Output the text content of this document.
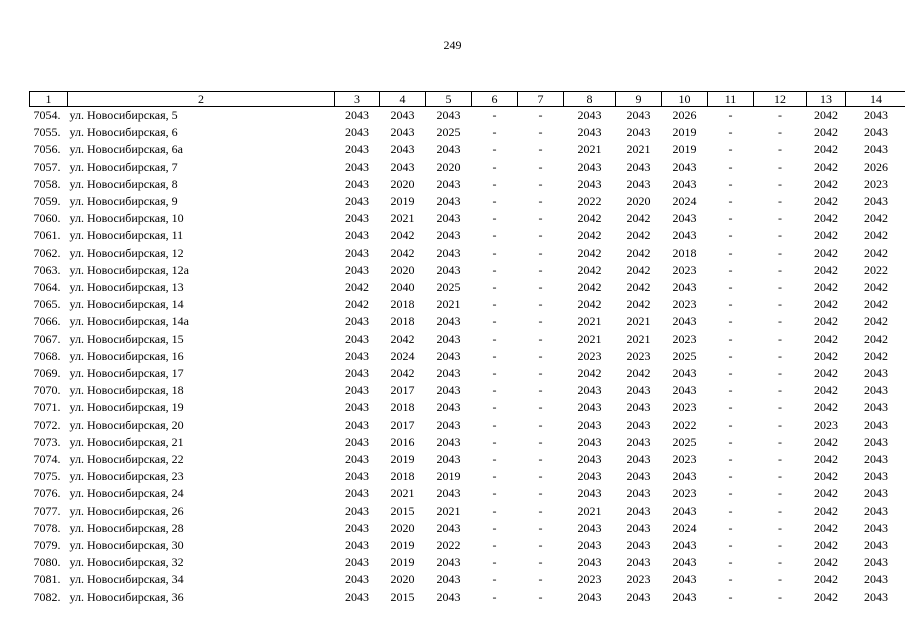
249
1	2	3	4	5	6	7	8	9	10	11	12	13	14
7054.	ул. Новосибирская, 5	2043	2043	2043	-	-	2043	2043	2026	-	-	2042	2043
7055.	ул. Новосибирская, 6	2043	2043	2025	-	-	2043	2043	2019	-	-	2042	2043
7056.	ул. Новосибирская, 6а	2043	2043	2043	-	-	2021	2021	2019	-	-	2042	2043
7057.	ул. Новосибирская, 7	2043	2043	2020	-	-	2043	2043	2043	-	-	2042	2026
7058.	ул. Новосибирская, 8	2043	2020	2043	-	-	2043	2043	2043	-	-	2042	2023
7059.	ул. Новосибирская, 9	2043	2019	2043	-	-	2022	2020	2024	-	-	2042	2043
7060.	ул. Новосибирская, 10	2043	2021	2043	-	-	2042	2042	2043	-	-	2042	2042
7061.	ул. Новосибирская, 11	2043	2042	2043	-	-	2042	2042	2043	-	-	2042	2042
7062.	ул. Новосибирская, 12	2043	2042	2043	-	-	2042	2042	2018	-	-	2042	2042
7063.	ул. Новосибирская, 12а	2043	2020	2043	-	-	2042	2042	2023	-	-	2042	2022
7064.	ул. Новосибирская, 13	2042	2040	2025	-	-	2042	2042	2043	-	-	2042	2042
7065.	ул. Новосибирская, 14	2042	2018	2021	-	-	2042	2042	2023	-	-	2042	2042
7066.	ул. Новосибирская, 14а	2043	2018	2043	-	-	2021	2021	2043	-	-	2042	2042
7067.	ул. Новосибирская, 15	2043	2042	2043	-	-	2021	2021	2023	-	-	2042	2042
7068.	ул. Новосибирская, 16	2043	2024	2043	-	-	2023	2023	2025	-	-	2042	2042
7069.	ул. Новосибирская, 17	2043	2042	2043	-	-	2042	2042	2043	-	-	2042	2043
7070.	ул. Новосибирская, 18	2043	2017	2043	-	-	2043	2043	2043	-	-	2042	2043
7071.	ул. Новосибирская, 19	2043	2018	2043	-	-	2043	2043	2023	-	-	2042	2043
7072.	ул. Новосибирская, 20	2043	2017	2043	-	-	2043	2043	2022	-	-	2023	2043
7073.	ул. Новосибирская, 21	2043	2016	2043	-	-	2043	2043	2025	-	-	2042	2043
7074.	ул. Новосибирская, 22	2043	2019	2043	-	-	2043	2043	2023	-	-	2042	2043
7075.	ул. Новосибирская, 23	2043	2018	2019	-	-	2043	2043	2043	-	-	2042	2043
7076.	ул. Новосибирская, 24	2043	2021	2043	-	-	2043	2043	2023	-	-	2042	2043
7077.	ул. Новосибирская, 26	2043	2015	2021	-	-	2021	2043	2043	-	-	2042	2043
7078.	ул. Новосибирская, 28	2043	2020	2043	-	-	2043	2043	2024	-	-	2042	2043
7079.	ул. Новосибирская, 30	2043	2019	2022	-	-	2043	2043	2043	-	-	2042	2043
7080.	ул. Новосибирская, 32	2043	2019	2043	-	-	2043	2043	2043	-	-	2042	2043
7081.	ул. Новосибирская, 34	2043	2020	2043	-	-	2023	2023	2043	-	-	2042	2043
7082.	ул. Новосибирская, 36	2043	2015	2043	-	-	2043	2043	2043	-	-	2042	2043
